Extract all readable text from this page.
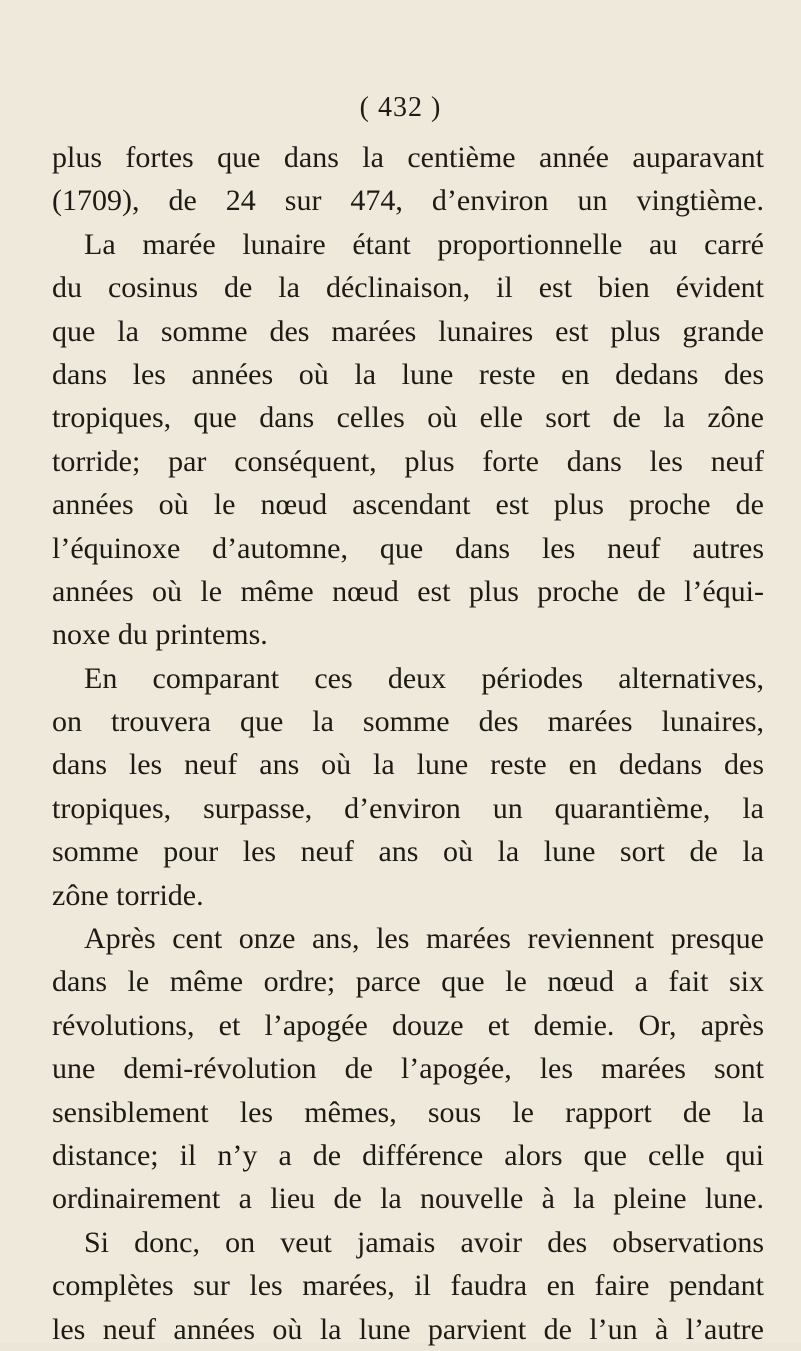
( 432 )
plus fortes que dans la centième année auparavant
(1709), de 24 sur 474, d’environ un vingtième.
La marée lunaire étant proportionnelle au carré
du cosinus de la déclinaison, il est bien évident
que la somme des marées lunaires est plus grande
dans les années où la lune reste en dedans des
tropiques, que dans celles où elle sort de la zône
torride; par conséquent, plus forte dans les neuf
années où le nœud ascendant est plus proche de
l’équinoxe d’automne, que dans les neuf autres
années où le même nœud est plus proche de l’équi-
noxe du printems.
En comparant ces deux périodes alternatives,
on trouvera que la somme des marées lunaires,
dans les neuf ans où la lune reste en dedans des
tropiques, surpasse, d’environ un quarantième, la
somme pour les neuf ans où la lune sort de la
zône torride.
Après cent onze ans, les marées reviennent presque
dans le même ordre; parce que le nœud a fait six
révolutions, et l’apogée douze et demie. Or, après
une demi-révolution de l’apogée, les marées sont
sensiblement les mêmes, sous le rapport de la
distance; il n’y a de différence alors que celle qui
ordinairement a lieu de la nouvelle à la pleine lune.
Si donc, on veut jamais avoir des observations
complètes sur les marées, il faudra en faire pendant
les neuf années où la lune parvient de l’un à l’autre
